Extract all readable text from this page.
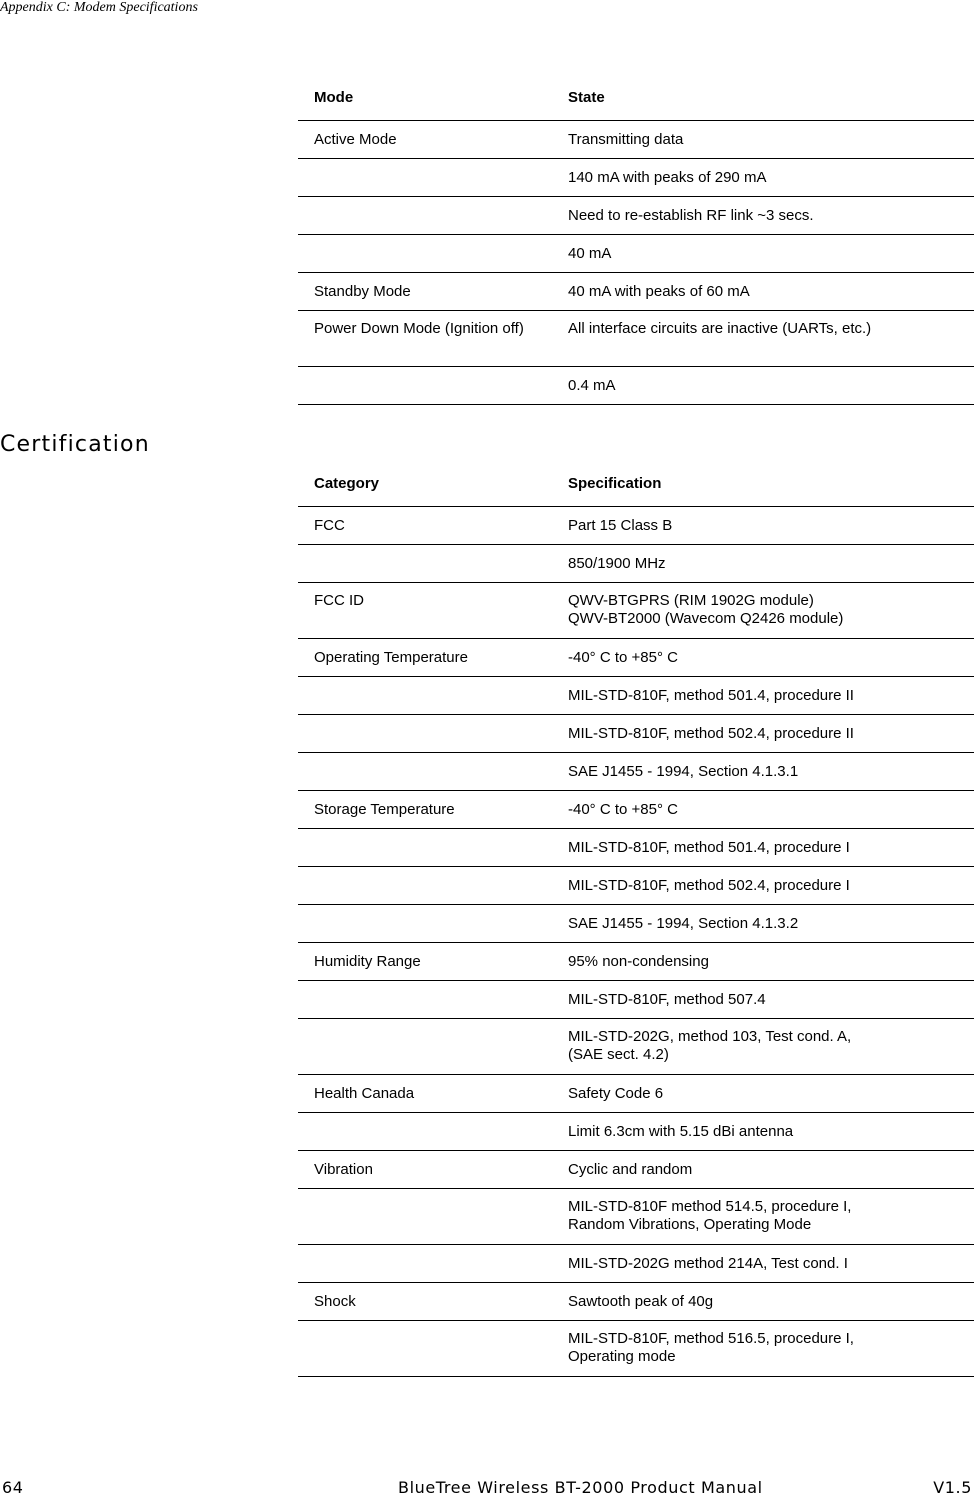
Appendix C: Modem Specifications
Mode	State
Active Mode	Transmitting data

	140 mA with peaks of 290 mA

	Need to re-establish RF link ~3 secs.

	40 mA

Standby Mode	40 mA with peaks of 60 mA

Power Down Mode (Ignition off)	All interface circuits are inactive (UARTs, etc.)

	0.4 mA
Certification
Category	Specification
FCC	Part 15 Class B

	850/1900 MHz

FCC ID	QWV-BTGPRS (RIM 1902G module)
QWV-BT2000 (Wavecom Q2426 module)

Operating Temperature	-40° C to +85° C

	MIL-STD-810F, method 501.4, procedure II

	MIL-STD-810F, method 502.4, procedure II

	SAE J1455 - 1994, Section 4.1.3.1

Storage Temperature	-40° C to +85° C

	MIL-STD-810F, method 501.4, procedure I

	MIL-STD-810F, method 502.4, procedure I

	SAE J1455 - 1994, Section 4.1.3.2

Humidity Range	95% non-condensing

	MIL-STD-810F, method 507.4

	MIL-STD-202G, method 103, Test cond. A,
(SAE sect. 4.2)

Health Canada	Safety Code 6

	Limit 6.3cm with 5.15 dBi antenna

Vibration	Cyclic and random

	MIL-STD-810F method 514.5, procedure I,
Random Vibrations, Operating Mode

	MIL-STD-202G method 214A, Test cond. I

Shock	Sawtooth peak of 40g

	MIL-STD-810F, method 516.5, procedure I,
Operating mode
64	BlueTree Wireless BT-2000 Product Manual	V1.5
